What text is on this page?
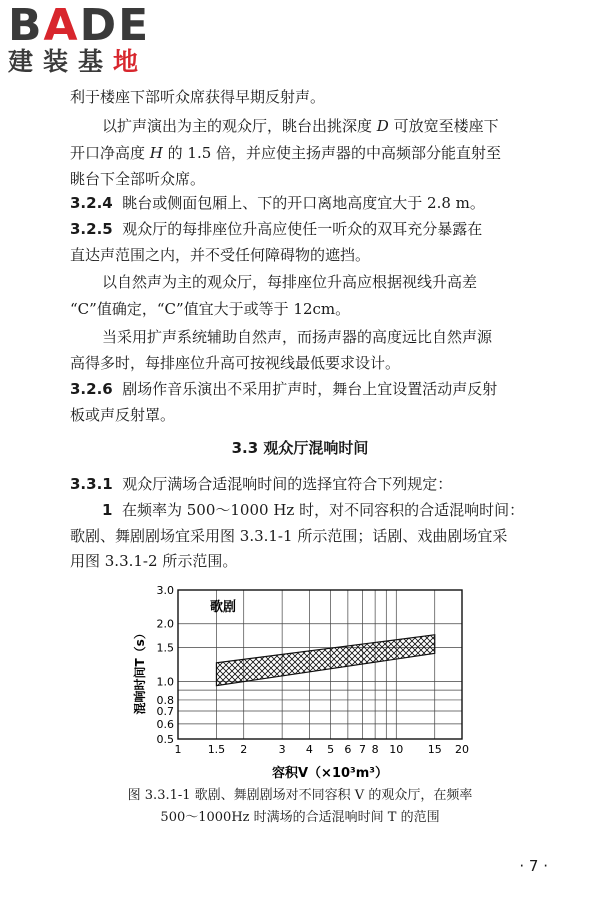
BADE
建装基地
利于楼座下部听众席获得早期反射声。
以扩声演出为主的观众厅，眺台出挑深度 D 可放宽至楼座下
开口净高度 H 的 1.5 倍，并应使主扬声器的中高频部分能直射至
眺台下全部听众席。
3.2.4 眺台或侧面包厢上、下的开口离地高度宜大于 2.8 m。
3.2.5 观众厅的每排座位升高应使任一听众的双耳充分暴露在
直达声范围之内，并不受任何障碍物的遮挡。
以自然声为主的观众厅，每排座位升高应根据视线升高差
“C”值确定，“C”值宜大于或等于 12cm。
当采用扩声系统辅助自然声，而扬声器的高度远比自然声源
高得多时，每排座位升高可按视线最低要求设计。
3.2.6 剧场作音乐演出不采用扩声时，舞台上宜设置活动声反射
板或声反射罩。
3.3 观众厅混响时间
3.3.1 观众厅满场合适混响时间的选择宜符合下列规定：
1 在频率为 500～1000 Hz 时，对不同容积的合适混响时间：
歌剧、舞剧剧场宜采用图 3.3.1-1 所示范围；话剧、戏曲剧场宜采
用图 3.3.1-2 所示范围。
歌剧
0.5
0.6
0.7
0.8
1.0
1.5
2.0
3.0
1 1.5 2	3 4 5 6 7 8 10 15 20
混响时间T（s）
容积V（×10³m³）
图 3.3.1-1 歌剧、舞剧剧场对不同容积 V 的观众厅，在频率
500～1000Hz 时满场的合适混响时间 T 的范围
· 7 ·
